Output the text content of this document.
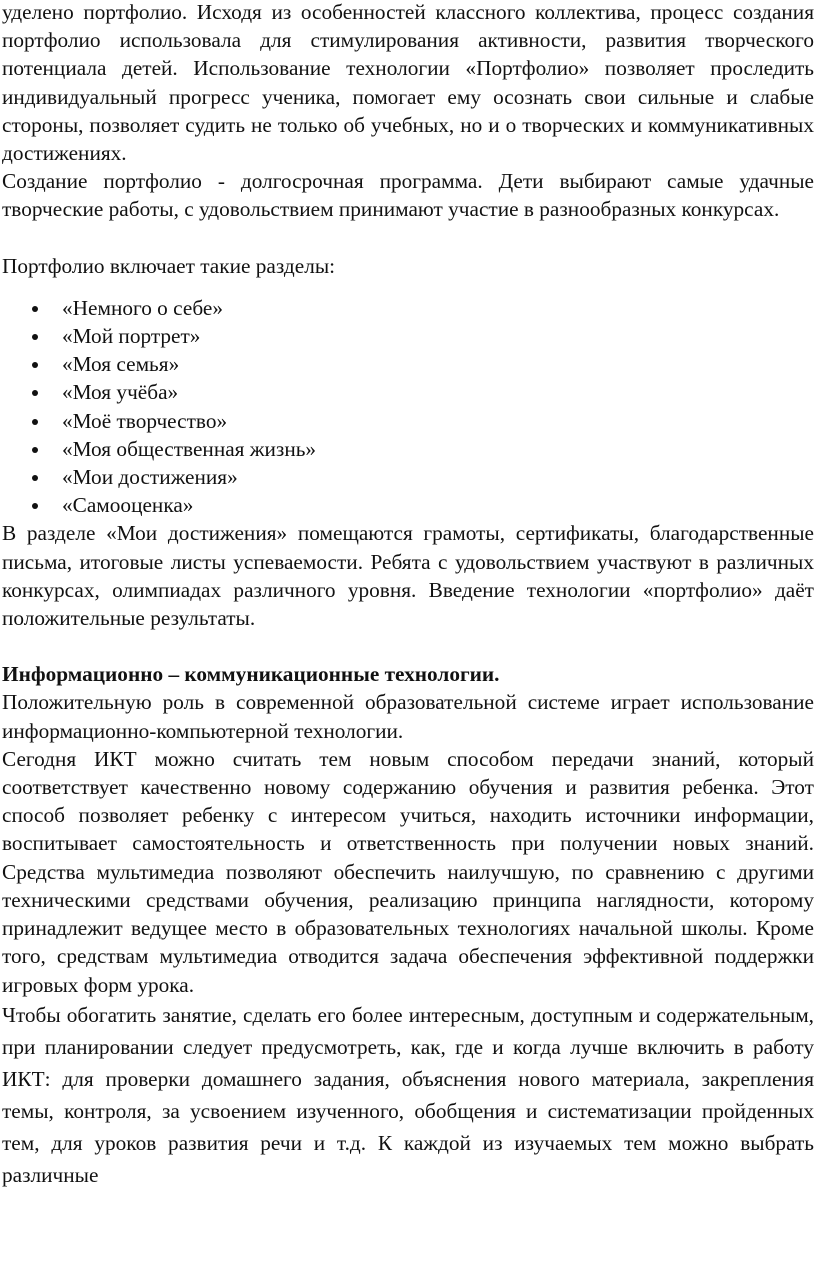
уделено портфолио. Исходя из особенностей классного коллектива, процесс создания портфолио использовала для стимулирования активности, развития творческого потенциала детей. Использование технологии «Портфолио» позволяет проследить индивидуальный прогресс ученика, помогает ему осознать свои сильные и слабые стороны, позволяет судить не только об учебных, но и о творческих и коммуникативных достижениях.

Создание портфолио - долгосрочная программа. Дети выбирают самые удачные творческие работы, с удовольствием принимают участие в разнообразных конкурсах.

Портфолио включает такие разделы:

«Немного о себе»
«Мой портрет»
«Моя семья»
«Моя учёба»
«Моё творчество»
«Моя общественная жизнь»
«Мои достижения»
«Самооценка»

В разделе «Мои достижения» помещаются грамоты, сертификаты, благодарственные письма, итоговые листы успеваемости. Ребята с удовольствием участвуют в различных конкурсах, олимпиадах различного уровня. Введение технологии «портфолио» даёт положительные результаты.

Информационно – коммуникационные технологии.

Положительную роль в современной образовательной системе играет использование информационно-компьютерной технологии.

Сегодня ИКТ можно считать тем новым способом передачи знаний, который соответствует качественно новому содержанию обучения и развития ребенка. Этот способ позволяет ребенку с интересом учиться, находить источники информации, воспитывает самостоятельность и ответственность при получении новых знаний. Средства мультимедиа позволяют обеспечить наилучшую, по сравнению с другими техническими средствами обучения, реализацию принципа наглядности, которому принадлежит ведущее место в образовательных технологиях начальной школы. Кроме того, средствам мультимедиа отводится задача обеспечения эффективной поддержки игровых форм урока.

Чтобы обогатить занятие, сделать его более интересным, доступным и содержательным, при планировании следует предусмотреть, как, где и когда лучше включить в работу ИКТ: для проверки домашнего задания, объяснения нового материала, закрепления темы, контроля, за усвоением изученного, обобщения и систематизации пройденных тем, для уроков развития речи и т.д. К каждой из изучаемых тем можно выбрать различные
